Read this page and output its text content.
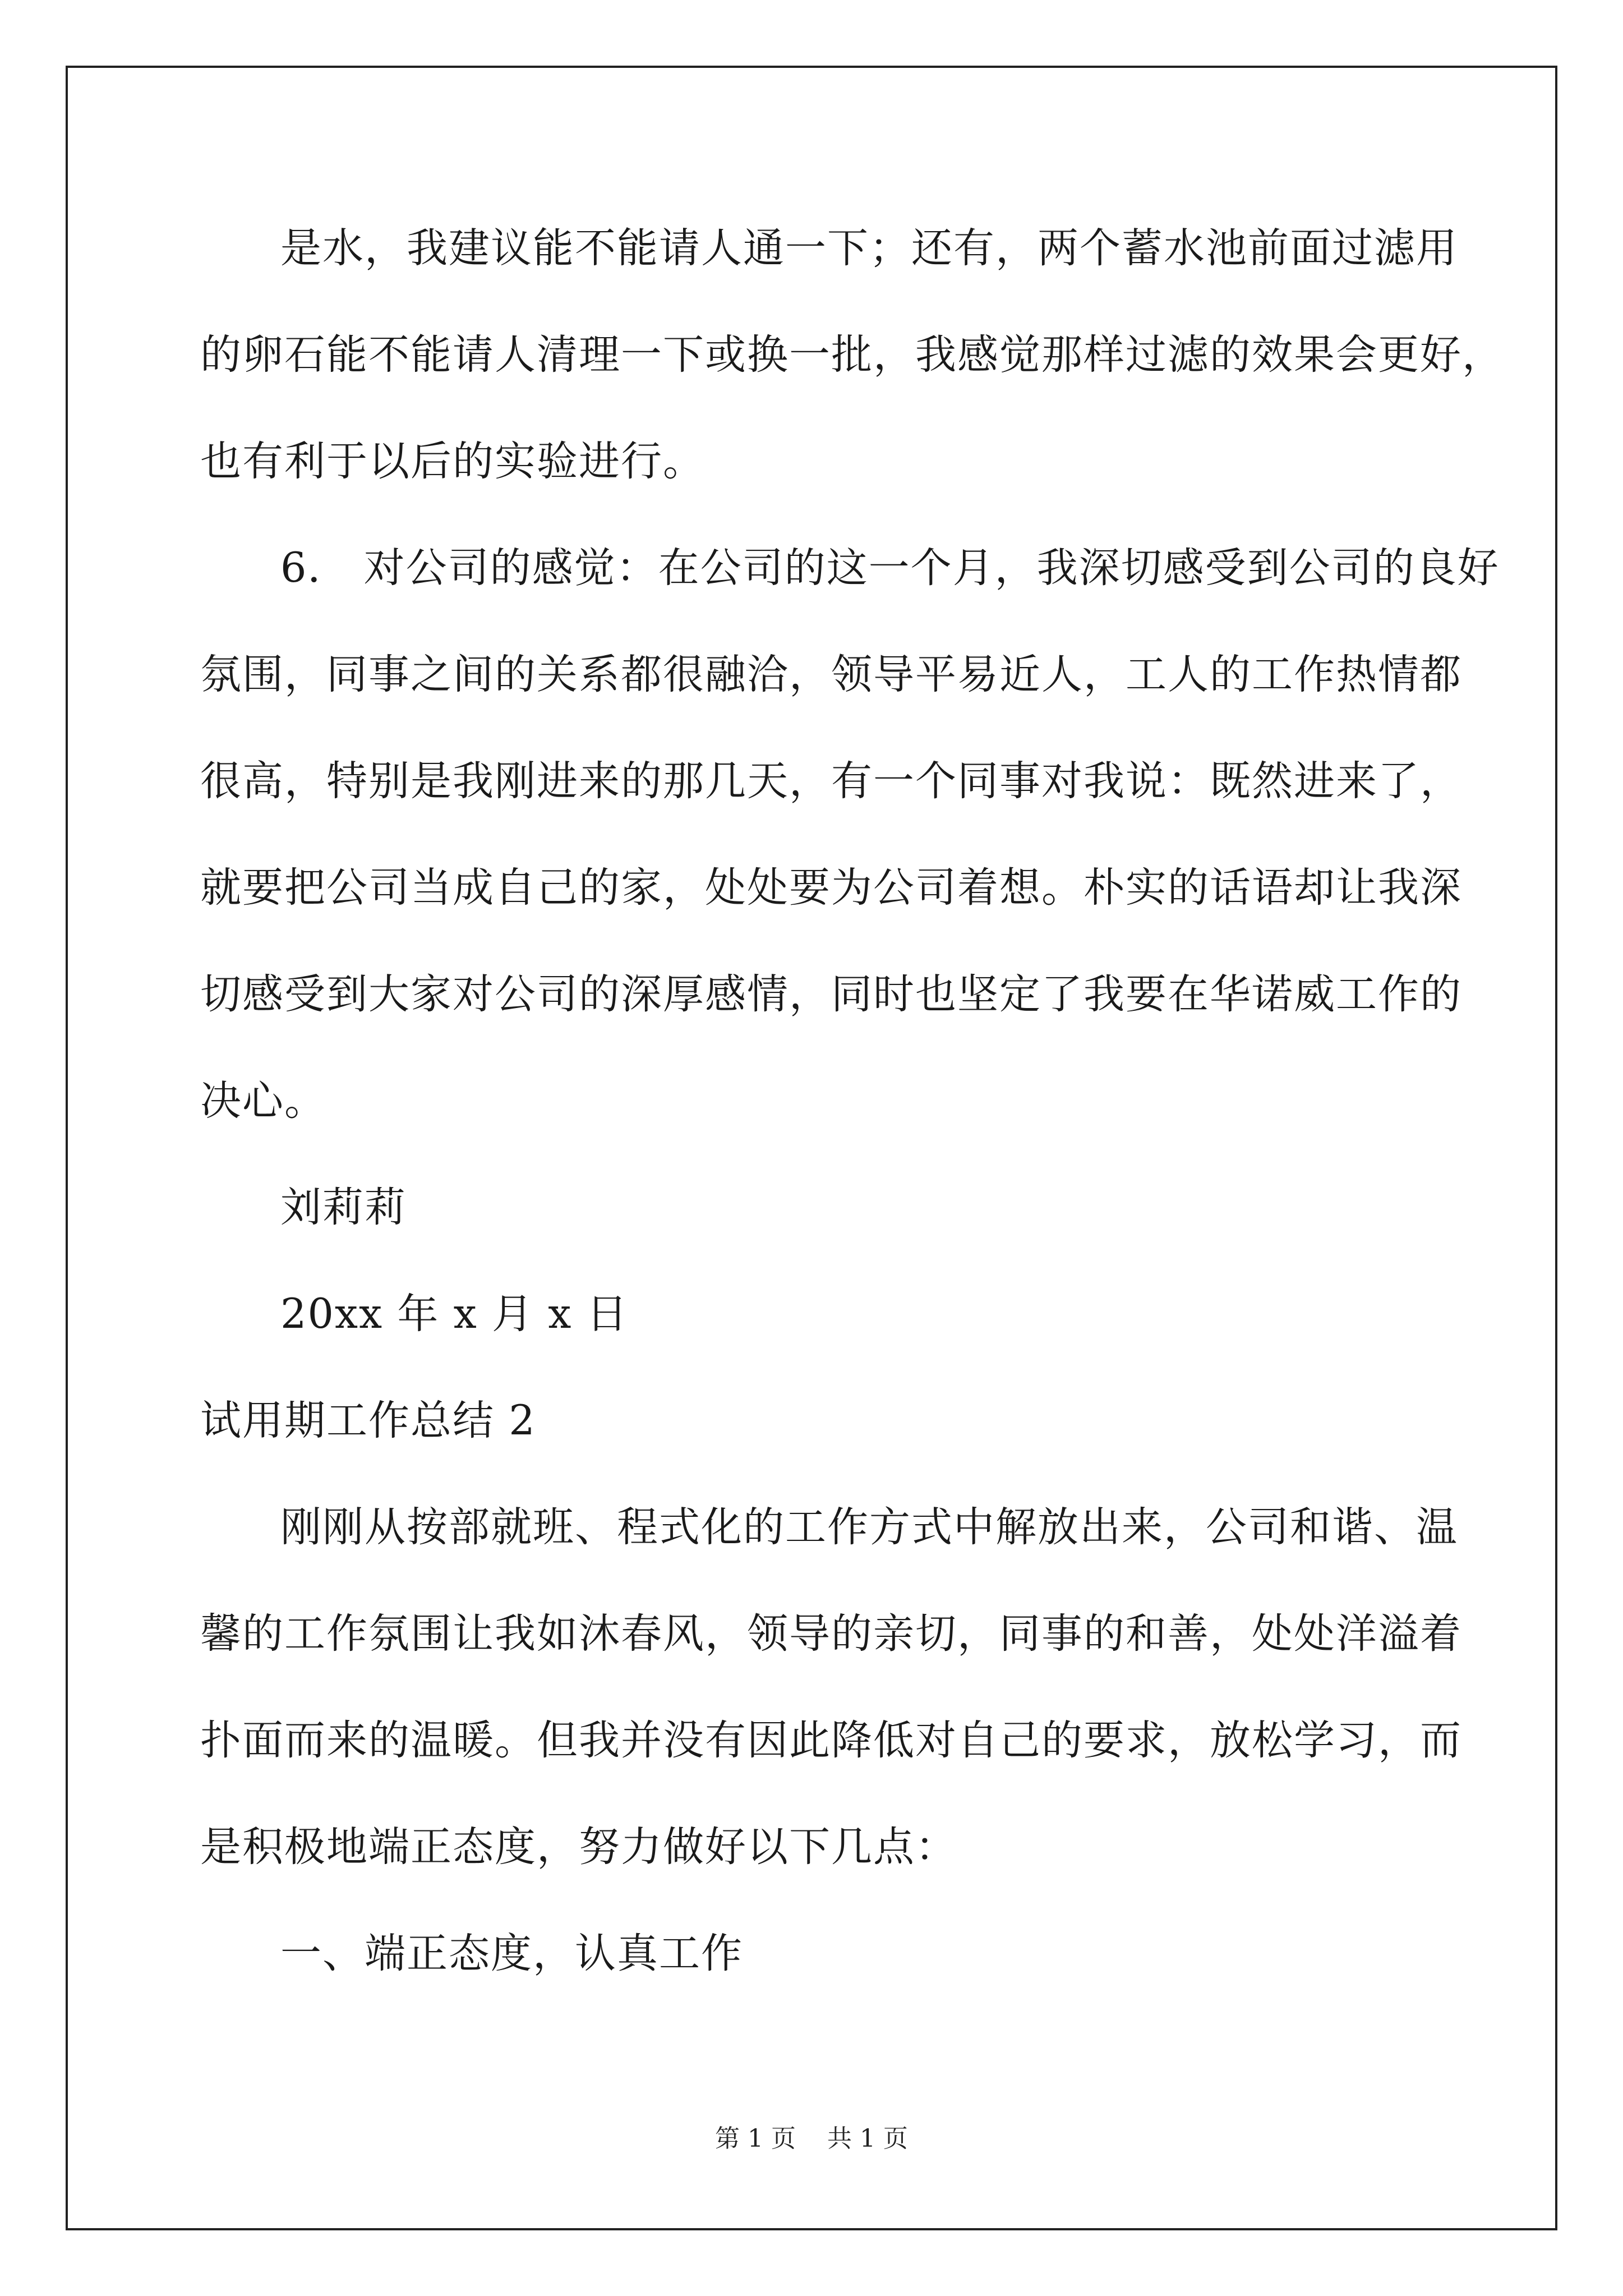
是水，我建议能不能请人通一下；还有，两个蓄水池前面过滤用
的卵石能不能请人清理一下或换一批，我感觉那样过滤的效果会更好，
也有利于以后的实验进行。
6． 对公司的感觉：在公司的这一个月，我深切感受到公司的良好
氛围，同事之间的关系都很融洽，领导平易近人，工人的工作热情都
很高，特别是我刚进来的那几天，有一个同事对我说：既然进来了，
就要把公司当成自己的家，处处要为公司着想。朴实的话语却让我深
切感受到大家对公司的深厚感情，同时也坚定了我要在华诺威工作的
决心。
刘莉莉
20xx 年 x 月 x 日
试用期工作总结 2
刚刚从按部就班、程式化的工作方式中解放出来，公司和谐、温
馨的工作氛围让我如沐春风，领导的亲切，同事的和善，处处洋溢着
扑面而来的温暖。但我并没有因此降低对自己的要求，放松学习，而
是积极地端正态度，努力做好以下几点：
一、端正态度，认真工作
第 1 页    共 1 页
